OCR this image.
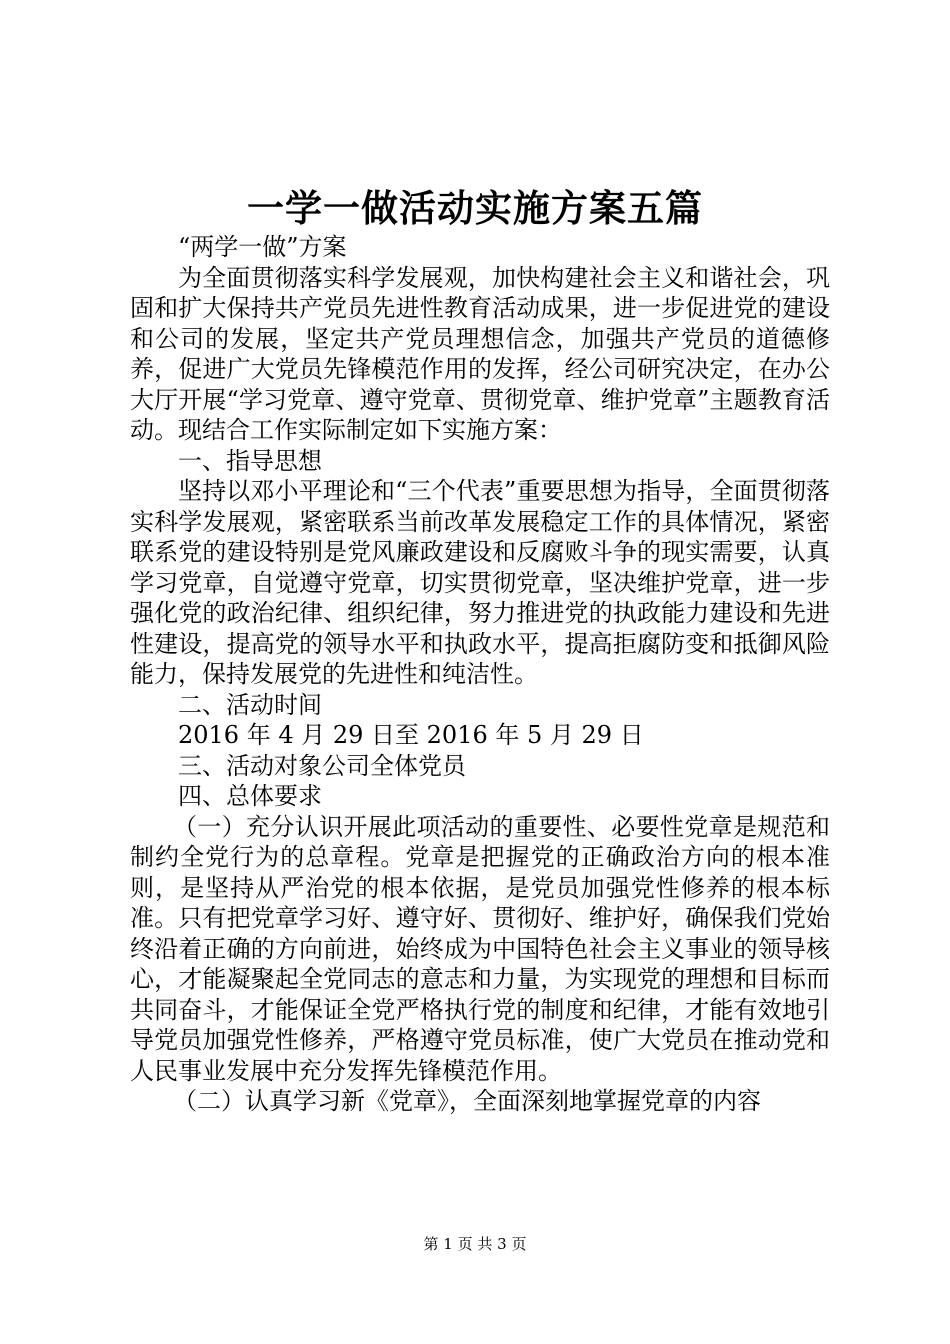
一学一做活动实施方案五篇

“两学一做”方案

为全面贯彻落实科学发展观，加快构建社会主义和谐社会，巩固和扩大保持共产党员先进性教育活动成果，进一步促进党的建设和公司的发展，坚定共产党员理想信念，加强共产党员的道德修养，促进广大党员先锋模范作用的发挥，经公司研究决定，在办公大厅开展“学习党章、遵守党章、贯彻党章、维护党章”主题教育活动。现结合工作实际制定如下实施方案：

一、指导思想

坚持以邓小平理论和“三个代表”重要思想为指导，全面贯彻落实科学发展观，紧密联系当前改革发展稳定工作的具体情况，紧密联系党的建设特别是党风廉政建设和反腐败斗争的现实需要，认真学习党章，自觉遵守党章，切实贯彻党章，坚决维护党章，进一步强化党的政治纪律、组织纪律，努力推进党的执政能力建设和先进性建设，提高党的领导水平和执政水平，提高拒腐防变和抵御风险能力，保持发展党的先进性和纯洁性。

二、活动时间

2016 年 4 月 29 日至 2016 年 5 月 29 日

三、活动对象公司全体党员

四、总体要求

（一）充分认识开展此项活动的重要性、必要性党章是规范和制约全党行为的总章程。党章是把握党的正确政治方向的根本准则，是坚持从严治党的根本依据，是党员加强党性修养的根本标准。只有把党章学习好、遵守好、贯彻好、维护好，确保我们党始终沿着正确的方向前进，始终成为中国特色社会主义事业的领导核心，才能凝聚起全党同志的意志和力量，为实现党的理想和目标而共同奋斗，才能保证全党严格执行党的制度和纪律，才能有效地引导党员加强党性修养，严格遵守党员标准，使广大党员在推动党和人民事业发展中充分发挥先锋模范作用。

（二）认真学习新《党章》，全面深刻地掌握党章的内容

第 1 页 共 3 页
